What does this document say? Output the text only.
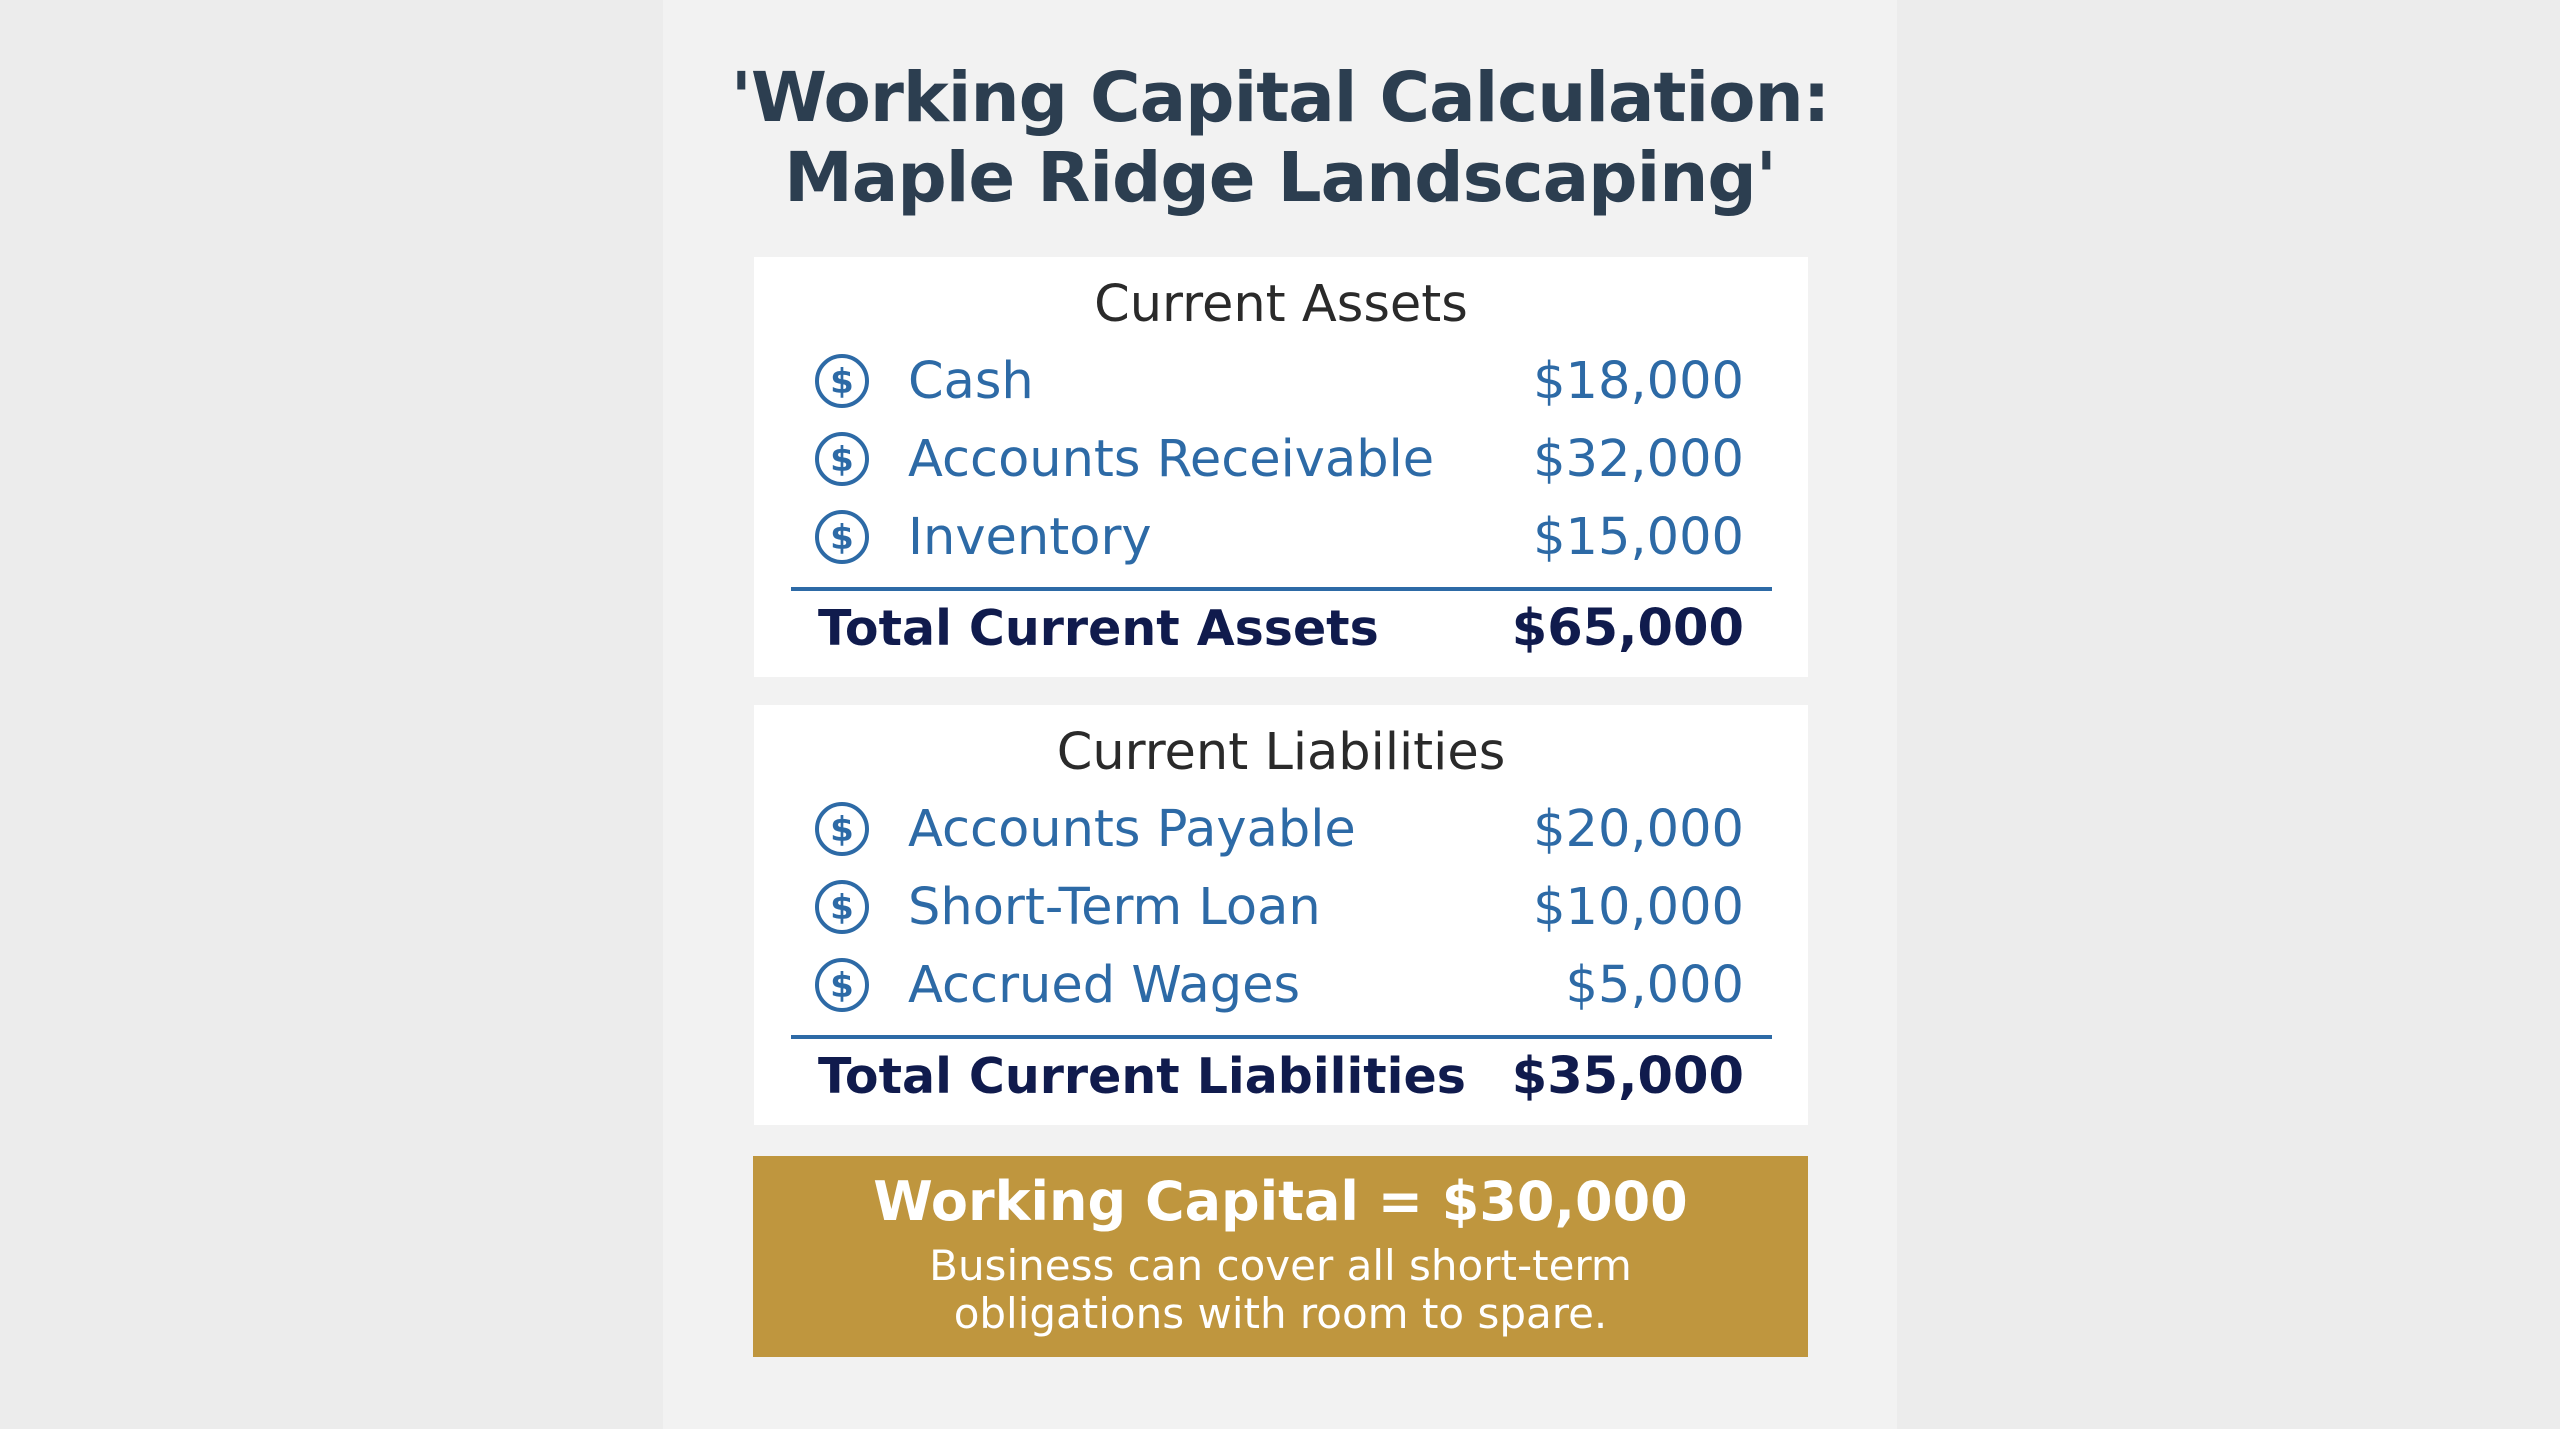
'Working Capital Calculation:
Maple Ridge Landscaping'
Current Assets
$ Cash	$18,000
$ Accounts Receivable $32,000
$ Inventory	$15,000
Total Current Assets	$65,000
Current Liabilities
$ Accounts Payable	$20,000
$ Short-Term Loan	$10,000
$ Accrued Wages	$5,000
Total Current Liabilities $35,000
Working Capital = $30,000
Business can cover all short-term
obligations with room to spare.
